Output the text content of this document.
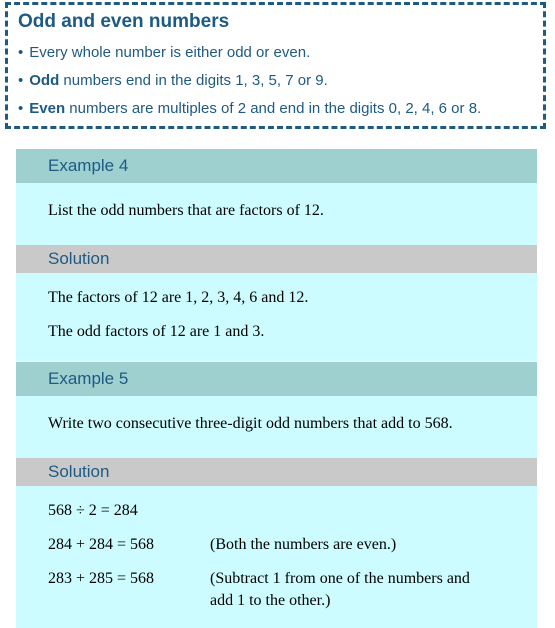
Odd and even numbers
• Every whole number is either odd or even.
• Odd numbers end in the digits 1, 3, 5, 7 or 9.
• Even numbers are multiples of 2 and end in the digits 0, 2, 4, 6 or 8.
Example 4
List the odd numbers that are factors of 12.
Solution
The factors of 12 are 1, 2, 3, 4, 6 and 12.
The odd factors of 12 are 1 and 3.
Example 5
Write two consecutive three-digit odd numbers that add to 568.
Solution
568 ÷ 2 = 284
284 + 284 = 568	(Both the numbers are even.)
283 + 285 = 568	(Subtract 1 from one of the numbers and
add 1 to the other.)
